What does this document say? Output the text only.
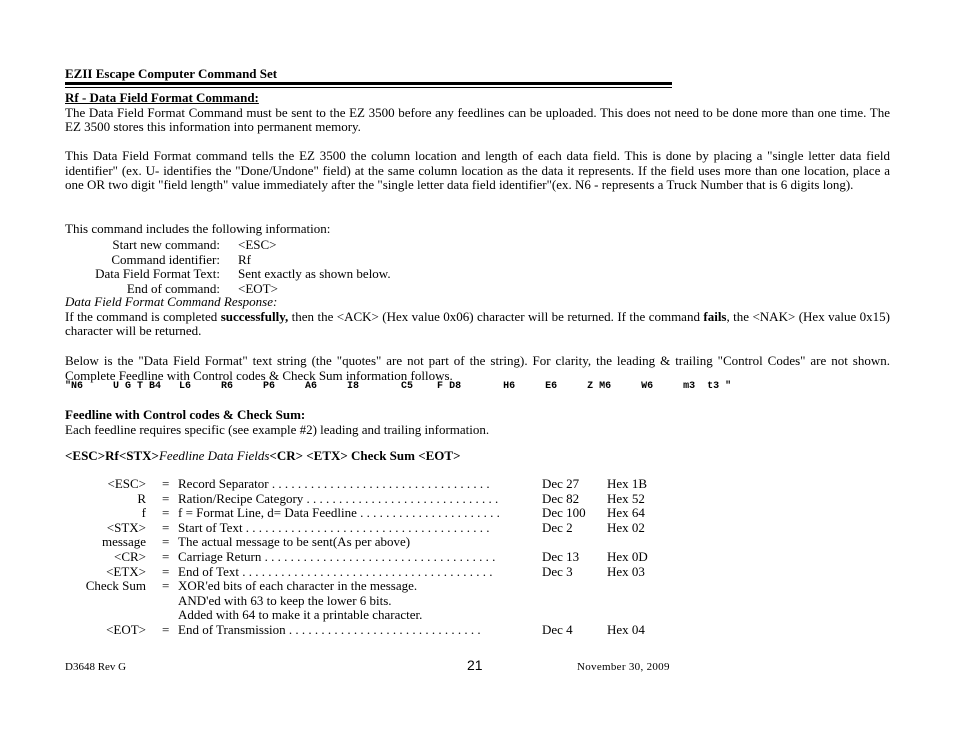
EZII Escape Computer Command Set

Rf - Data Field Format Command:

The Data Field Format Command must be sent to the EZ 3500 before any feedlines can be uploaded. This does not need to be done more than one time. The EZ 3500 stores this information into permanent memory.

This Data Field Format command tells the EZ 3500 the column location and length of each data field. This is done by placing a "single letter data field identifier" (ex. U- identifies the "Done/Undone" field) at the same column location as the data it represents. If the field uses more than one location, place a one OR two digit "field length" value immediately after the "single letter data field identifier"(ex. N6 - represents a Truck Number that is 6 digits long).

This command includes the following information:

Start new command: <ESC>
Command identifier: Rf
Data Field Format Text: Sent exactly as shown below.
End of command: <EOT>

Data Field Format Command Response:

If the command is completed successfully, then the <ACK> (Hex value 0x06) character will be returned. If the command fails, the <NAK> (Hex value 0x15) character will be returned.

Below is the "Data Field Format" text string (the "quotes" are not part of the string). For clarity, the leading & trailing "Control Codes" are not shown. Complete Feedline with Control codes & Check Sum information follows.

"N6     U G T B4   L6     R6     P6     A6     I8       C5    F D8       H6     E6     Z M6     W6     m3  t3 "

Feedline with Control codes & Check Sum:

Each feedline requires specific (see example #2) leading and trailing information.

<ESC>Rf<STX>Feedline Data Fields<CR> <ETX> Check Sum <EOT>

<ESC> = Record Separator . . . . . . . . . . . . . . . . . . . . . . . . . . . . . . . . . .	Dec 27 Hex 1B
R = Ration/Recipe Category . . . . . . . . . . . . . . . . . . . . . . . . . . . . . .	Dec 82 Hex 52
f = f = Format Line, d= Data Feedline . . . . . . . . . . . . . . . . . . . . . .	Dec 100 Hex 64
<STX> = Start of Text . . . . . . . . . . . . . . . . . . . . . . . . . . . . . . . . . . . . . .	Dec 2	Hex 02
message = The actual message to be sent(As per above)
<CR> = Carriage Return . . . . . . . . . . . . . . . . . . . . . . . . . . . . . . . . . . . .	Dec 13 Hex 0D
<ETX> = End of Text . . . . . . . . . . . . . . . . . . . . . . . . . . . . . . . . . . . . . . .	Dec 3	Hex 03
Check Sum = XOR'ed bits of each character in the message.
AND'ed with 63 to keep the lower 6 bits.
Added with 64 to make it a printable character.
<EOT> = End of Transmission . . . . . . . . . . . . . . . . . . . . . . . . . . . . . .	Dec 4	Hex 04
D3648 Rev G	21	November 30, 2009
